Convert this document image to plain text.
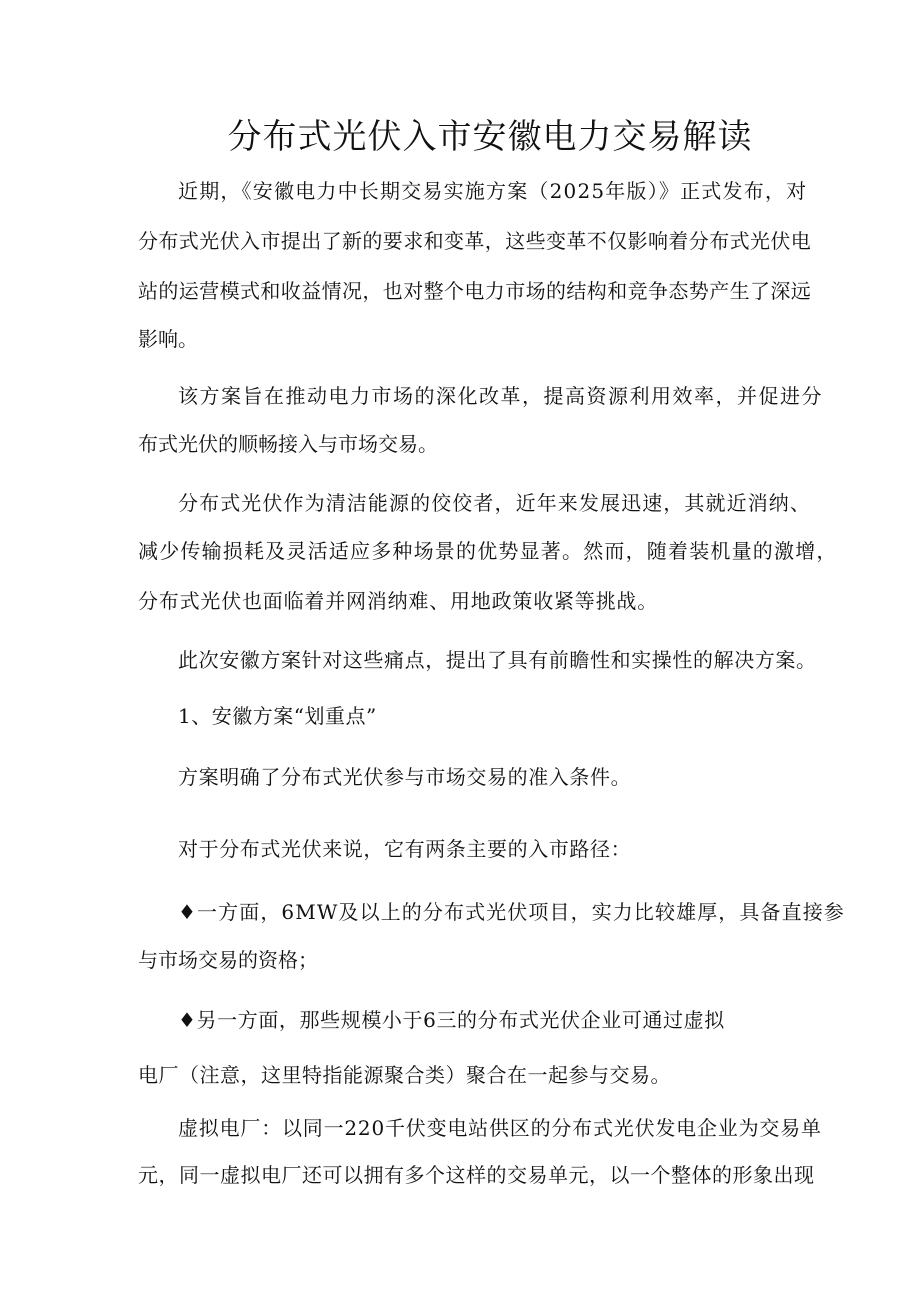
分布式光伏入市安徽电力交易解读
近期，《安徽电力中长期交易实施方案（2025年版）》正式发布，对
分布式光伏入市提出了新的要求和变革，这些变革不仅影响着分布式光伏电
站的运营模式和收益情况，也对整个电力市场的结构和竞争态势产生了深远
影响。
该方案旨在推动电力市场的深化改革，提高资源利用效率，并促进分
布式光伏的顺畅接入与市场交易。
分布式光伏作为清洁能源的佼佼者，近年来发展迅速，其就近消纳、
减少传输损耗及灵活适应多种场景的优势显著。然而，随着装机量的激增，
分布式光伏也面临着并网消纳难、用地政策收紧等挑战。
此次安徽方案针对这些痛点，提出了具有前瞻性和实操性的解决方案。
1、安徽方案“划重点”
方案明确了分布式光伏参与市场交易的准入条件。
对于分布式光伏来说，它有两条主要的入市路径：
♦一方面，6MW及以上的分布式光伏项目，实力比较雄厚，具备直接参
与市场交易的资格；
♦另一方面，那些规模小于6三的分布式光伏企业可通过虚拟
电厂（注意，这里特指能源聚合类）聚合在一起参与交易。
虚拟电厂：以同一220千伏变电站供区的分布式光伏发电企业为交易单
元，同一虚拟电厂还可以拥有多个这样的交易单元，以一个整体的形象出现
